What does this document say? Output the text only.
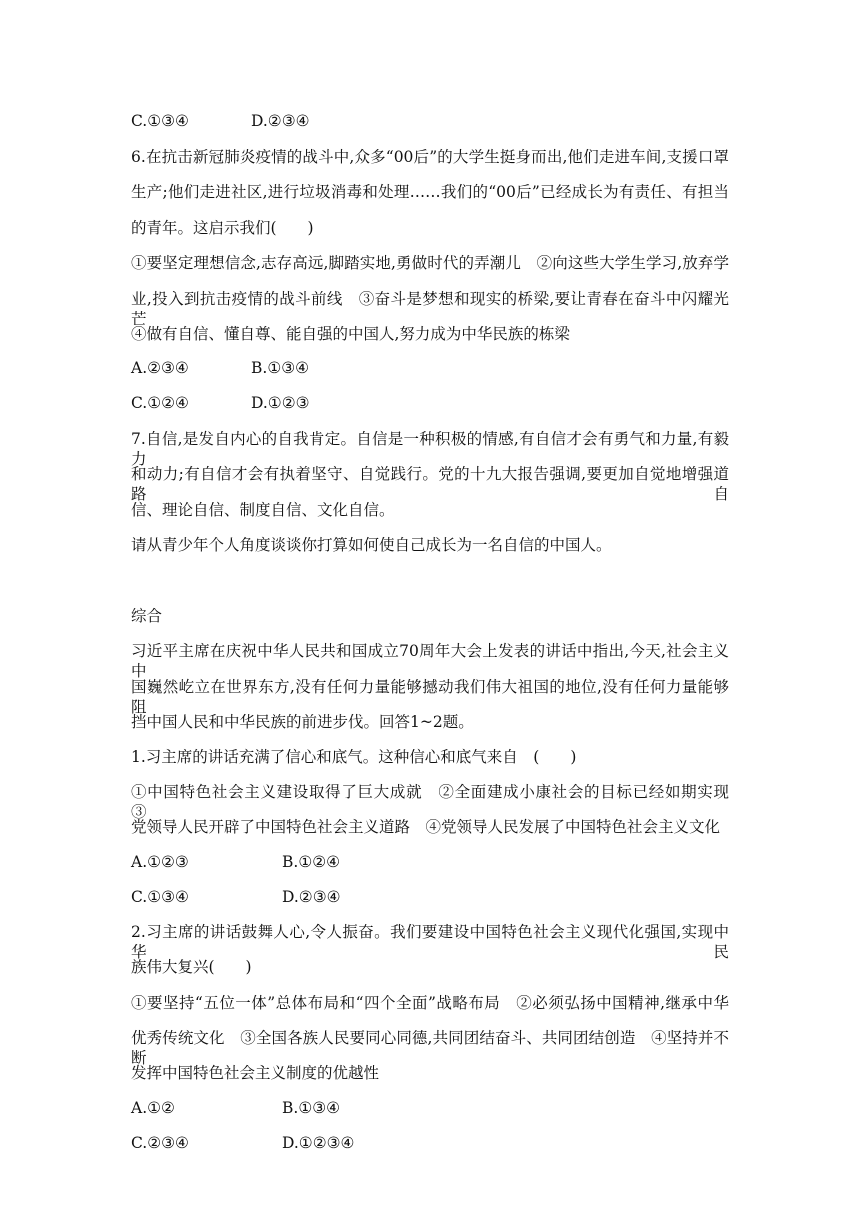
C.①③④	D.②③④
6.在抗击新冠肺炎疫情的战斗中,众多“00后”的大学生挺身而出,他们走进车间,支援口罩
生产;他们走进社区,进行垃圾消毒和处理……我们的“00后”已经成长为有责任、有担当
的青年。这启示我们(　　)
①要坚定理想信念,志存高远,脚踏实地,勇做时代的弄潮儿　②向这些大学生学习,放弃学
业,投入到抗击疫情的战斗前线　③奋斗是梦想和现实的桥梁,要让青春在奋斗中闪耀光芒
④做有自信、懂自尊、能自强的中国人,努力成为中华民族的栋梁
A.②③④	B.①③④
C.①②④	D.①②③
7.自信,是发自内心的自我肯定。自信是一种积极的情感,有自信才会有勇气和力量,有毅力
和动力;有自信才会有执着坚守、自觉践行。党的十九大报告强调,要更加自觉地增强道路自
信、理论自信、制度自信、文化自信。
请从青少年个人角度谈谈你打算如何使自己成长为一名自信的中国人。
综合
习近平主席在庆祝中华人民共和国成立70周年大会上发表的讲话中指出,今天,社会主义中
国巍然屹立在世界东方,没有任何力量能够撼动我们伟大祖国的地位,没有任何力量能够阻
挡中国人民和中华民族的前进步伐。回答1~2题。
1.习主席的讲话充满了信心和底气。这种信心和底气来自　(　　)
①中国特色社会主义建设取得了巨大成就　②全面建成小康社会的目标已经如期实现　③
党领导人民开辟了中国特色社会主义道路　④党领导人民发展了中国特色社会主义文化
A.①②③	B.①②④
C.①③④	D.②③④
2.习主席的讲话鼓舞人心,令人振奋。我们要建设中国特色社会主义现代化强国,实现中华民
族伟大复兴(　　)
①要坚持“五位一体”总体布局和“四个全面”战略布局　②必须弘扬中国精神,继承中华
优秀传统文化　③全国各族人民要同心同德,共同团结奋斗、共同团结创造　④坚持并不断
发挥中国特色社会主义制度的优越性
A.①②	B.①③④
C.②③④	D.①②③④
